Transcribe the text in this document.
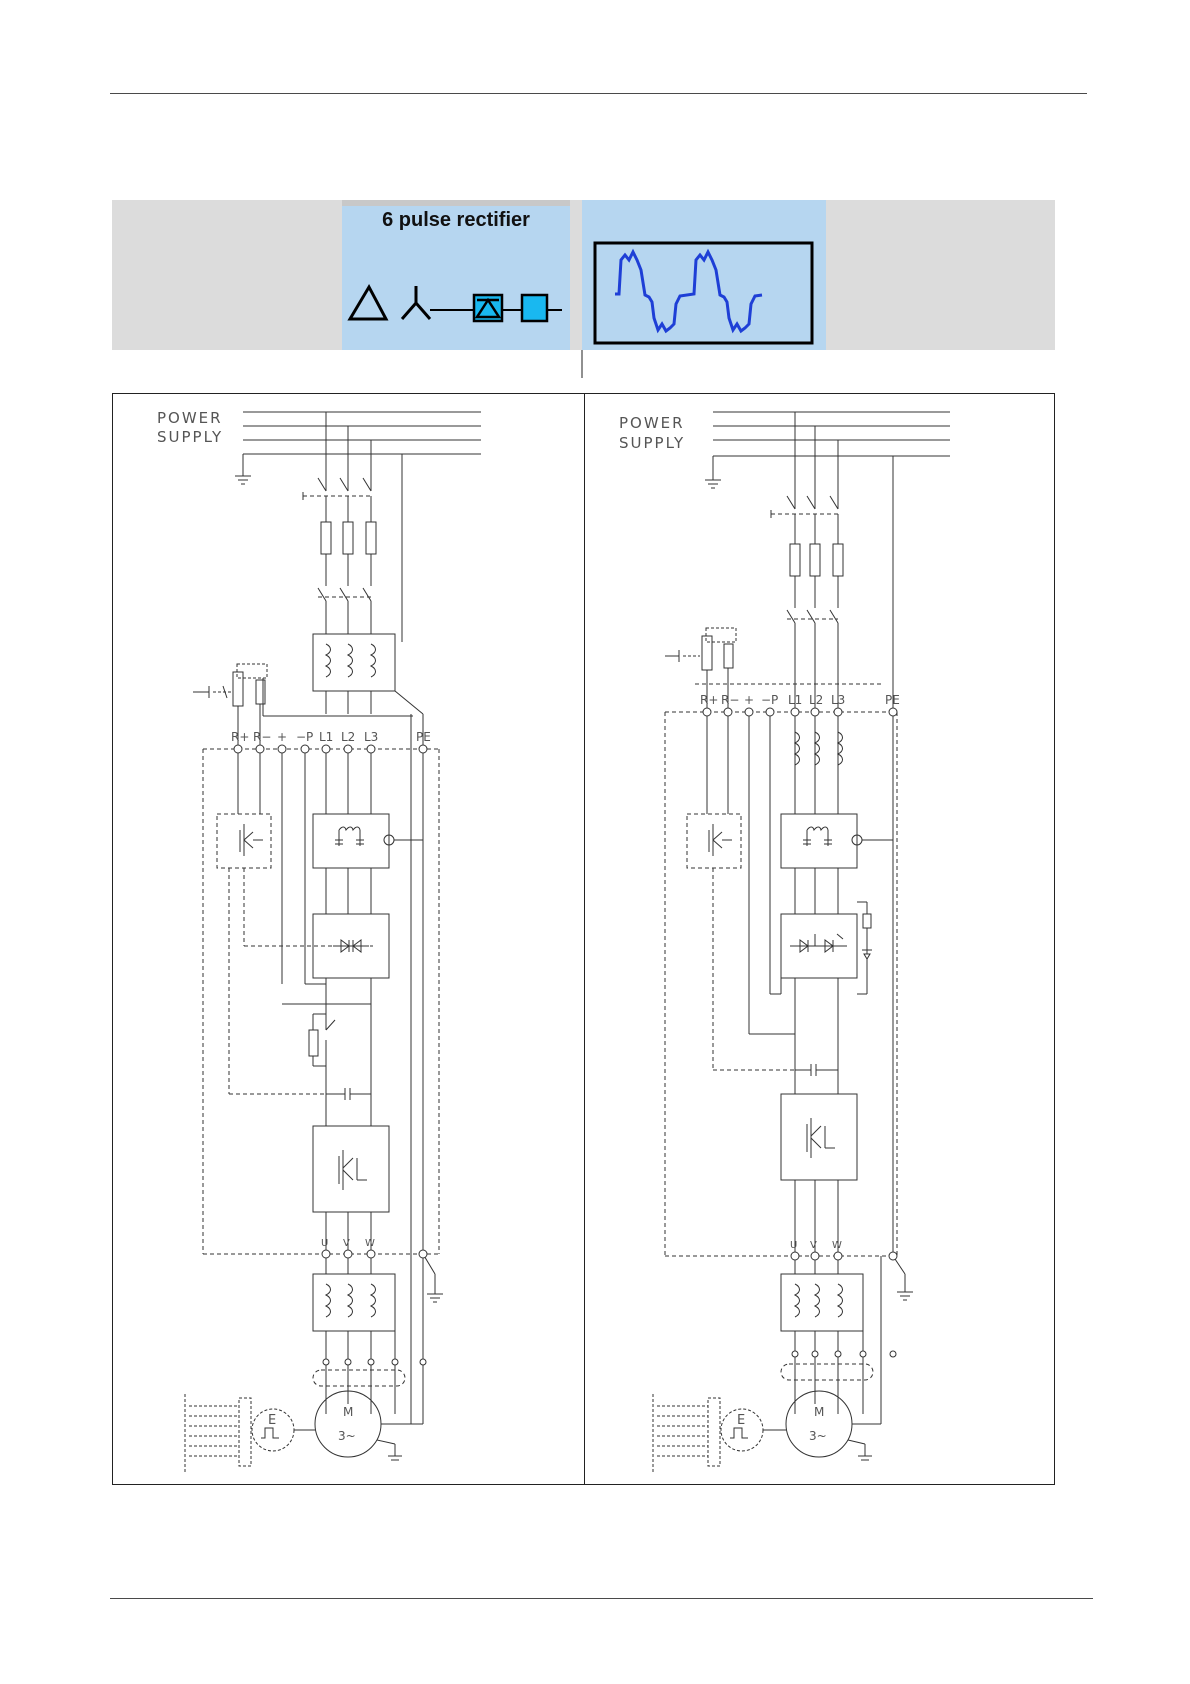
6 pulse rectifier
POWER
SUPPLY
R+ R− + −P L1 L2 L3	PE
U V W
M
3~
E
POWER
SUPPLY
R+ R− + −P L1 L2 L3	PE
U V W
M
3~
E
